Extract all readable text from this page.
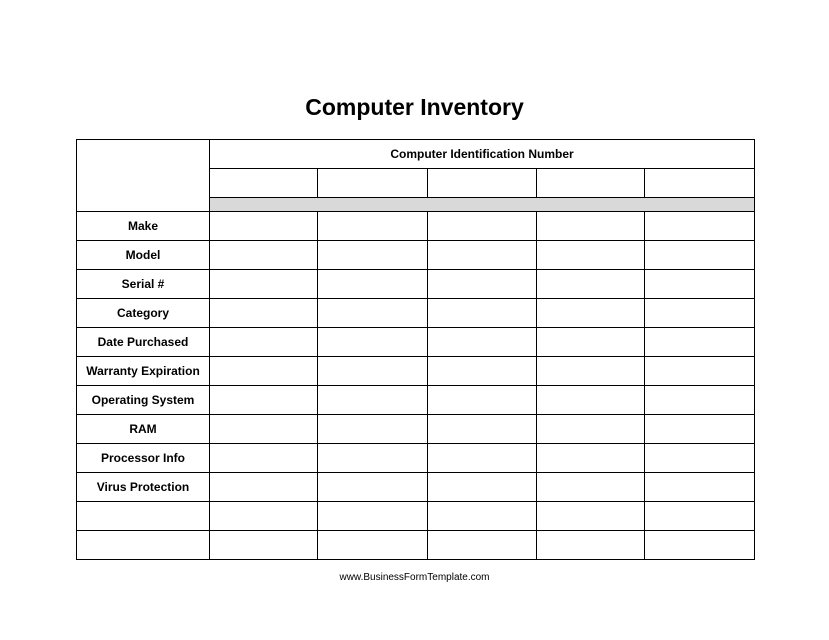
Computer Inventory
	Computer Identification Number				

Make					
Model					
Serial #					
Category					
Date Purchased					
Warranty Expiration					
Operating System					
RAM					
Processor Info					
Virus Protection					

www.BusinessFormTemplate.com
